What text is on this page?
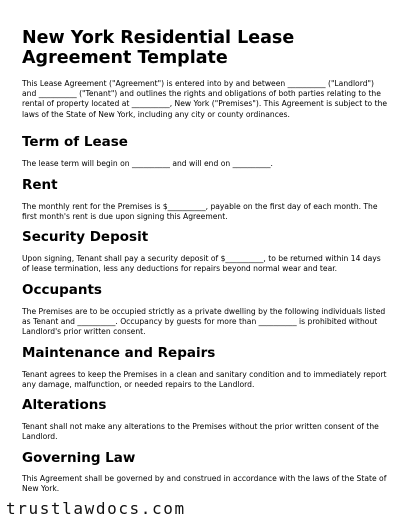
New York Residential Lease Agreement Template

This Lease Agreement ("Agreement") is entered into by and between __________ ("Landlord") and __________ ("Tenant") and outlines the rights and obligations of both parties relating to the rental of property located at __________, New York ("Premises"). This Agreement is subject to the laws of the State of New York, including any city or county ordinances.

Term of Lease

The lease term will begin on __________ and will end on __________.

Rent

The monthly rent for the Premises is $__________, payable on the first day of each month. The first month's rent is due upon signing this Agreement.

Security Deposit

Upon signing, Tenant shall pay a security deposit of $__________, to be returned within 14 days of lease termination, less any deductions for repairs beyond normal wear and tear.

Occupants

The Premises are to be occupied strictly as a private dwelling by the following individuals listed as Tenant and __________. Occupancy by guests for more than __________ is prohibited without Landlord's prior written consent.

Maintenance and Repairs

Tenant agrees to keep the Premises in a clean and sanitary condition and to immediately report any damage, malfunction, or needed repairs to the Landlord.

Alterations

Tenant shall not make any alterations to the Premises without the prior written consent of the Landlord.

Governing Law

This Agreement shall be governed by and construed in accordance with the laws of the State of New York.

trustlawdocs.com
